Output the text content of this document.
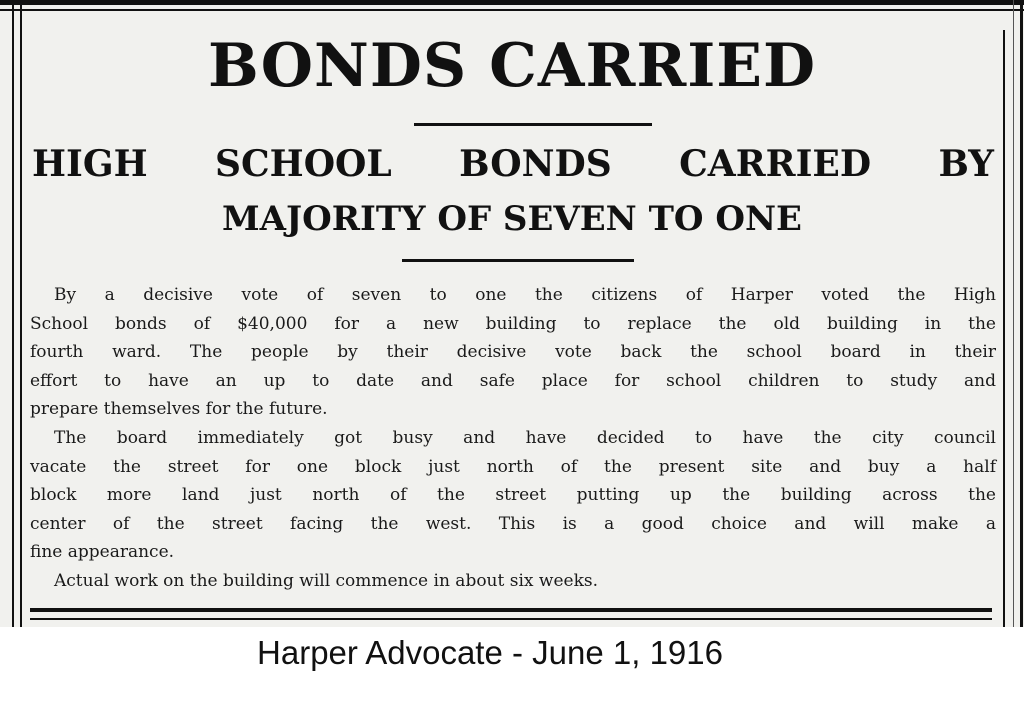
BONDS CARRIED
HIGH SCHOOL BONDS CARRIED BY
MAJORITY OF SEVEN TO ONE
By a decisive vote of seven to one the citizens of Harper voted the High
School bonds of $40,000 for a new building to replace the old building in the
fourth ward. The people by their decisive vote back the school board in their
effort to have an up to date and safe place for school children to study and
prepare themselves for the future.
The board immediately got busy and have decided to have the city council
vacate the street for one block just north of the present site and buy a half
block more land just north of the street putting up the building across the
center of the street facing the west. This is a good choice and will make a
fine appearance.
Actual work on the building will commence in about six weeks.

Harper Advocate - June 1, 1916
